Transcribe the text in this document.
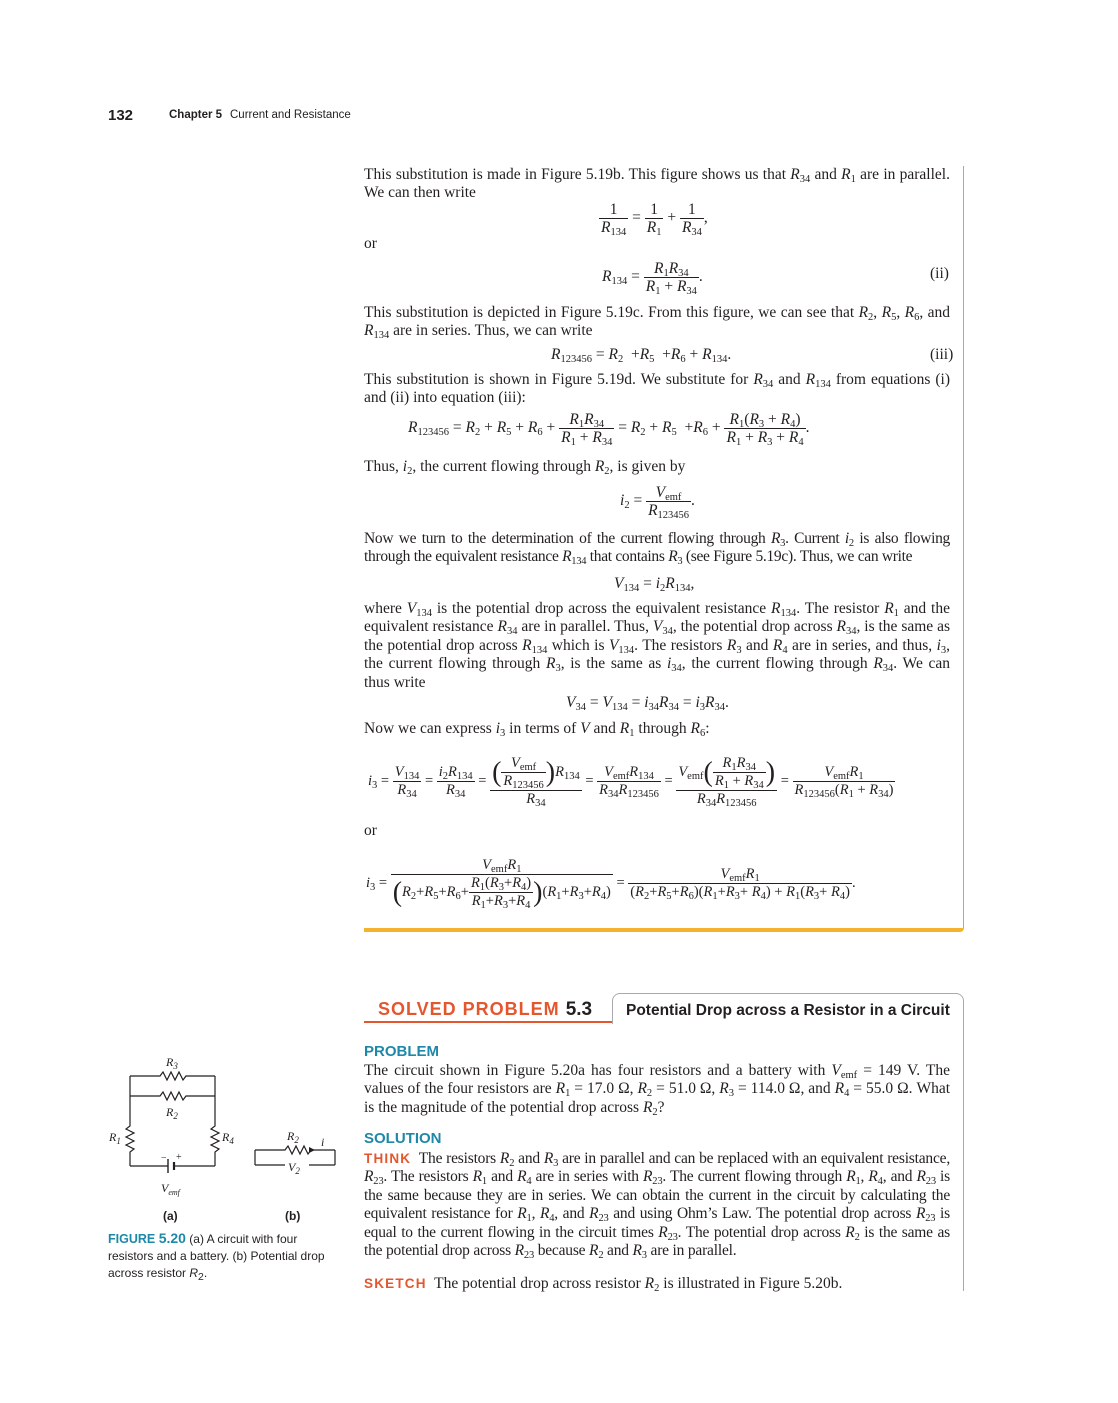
132	Chapter 5 Current and Resistance
This substitution is made in Figure 5.19b. This figure shows us that $R_{34}$ and $R_1$ are in parallel. We can then write
$\frac{1}{R_{134}} = \frac{1}{R_1} + \frac{1}{R_{34}}$ ,
or
$R_{134} = \frac{R_1R_{34}}{R_1 + R_{34}}$ .	(ii)
This substitution is depicted in Figure 5.19c. From this figure, we can see that $R_2$, $R_5$, $R_6$, and $R_{134}$ are in series. Thus, we can write
$R_{123456} = R_2 +R_5 +R_6 + R_{134}$.	(iii)
This substitution is shown in Figure 5.19d. We substitute for $R_{34}$ and $R_{134}$ from equations (i) and (ii) into equation (iii):
$R_{123456} = R_2 + R_5 + R_6 + \frac{R_1R_{34}}{R_1 + R_{34}} = R_2 + R_5 +R_6 + \frac{R_1(R_3 + R_4)}{R_1 + R_3 + R_4}$ .
Thus, $i_2$, the current flowing through $R_2$, is given by
$i_2 = \frac{V_{emf}}{R_{123456}}$ .
Now we turn to the determination of the current flowing through $R_3$. Current $i_2$ is also flowing through the equivalent resistance $R_{134}$ that contains $R_3$ (see Figure 5.19c). Thus, we can write
$V_{134} = i_2R_{134}$,
where $V_{134}$ is the potential drop across the equivalent resistance $R_{134}$. The resistor $R_1$ and the equivalent resistance $R_{34}$ are in parallel. Thus, $V_{34}$, the potential drop across $R_{34}$, is the same as the potential drop across $R_{134}$ which is $V_{134}$. The resistors $R_3$ and $R_4$ are in series, and thus, $i_3$, the current flowing through $R_3$, is the same as $i_{34}$, the current flowing through $R_{34}$. We can thus write
$V_{34} = V_{134} = i_{34}R_{34} = i_3R_{34}$.
Now we can express $i_3$ in terms of V and $R_1$ through $R_6$:
$i_3 = \frac{V_{134}}{R_{34}} = \frac{i_2R_{134}}{R_{34}} = \frac{( \frac{V_{emf}}{R_{123456}} )R_{134}}{R_{34}} = \frac{V_{emf}R_{134}}{R_{34}R_{123456}} = \frac{V_{emf}( \frac{R_1R_{34}}{R_1 + R_{34}} )}{R_{34}R_{123456}} = \frac{V_{emf}R_1}{R_{123456}(R_1 + R_{34})}$
or
$i_3 = \frac{V_{emf}R_1}{(R_2+R_5+R_6+ \frac{R_1(R_3+R_4)}{R_1+R_3+R_4} )(R_1+R_3+R_4)} = \frac{V_{emf}R_1}{(R_2+R_5+R_6)(R_1+R_3+ R_4) + R_1(R_3+ R_4)}$ .
SOLVED PROBLEM 5.3 Potential Drop across a Resistor in a Circuit
PROBLEM
The circuit shown in Figure 5.20a has four resistors and a battery with $V_{emf} = 149$ V. The values of the four resistors are $R_1 = 17.0$ Ω, $R_2 = 51.0$ Ω, $R_3 = 114.0$ Ω, and $R_4 = 55.0$ Ω. What is the magnitude of the potential drop across $R_2$?
SOLUTION
THINK  The resistors $R_2$ and $R_3$ are in parallel and can be replaced with an equivalent resistance, $R_{23}$. The resistors $R_1$ and $R_4$ are in series with $R_{23}$. The current flowing through $R_1$, $R_4$, and $R_{23}$ is the same because they are in series. We can obtain the current in the circuit by calculating the equivalent resistance for $R_1$, $R_4$, and $R_{23}$ and using Ohm’s Law. The potential drop across $R_{23}$ is equal to the current flowing in the circuit times $R_{23}$. The potential drop across $R_2$ is the same as the potential drop across $R_{23}$ because $R_2$ and $R_3$ are in parallel.
SKETCH  The potential drop across resistor $R_2$ is illustrated in Figure 5.20b.
$R_3$
$R_2$
$R_1$	$R_4$
$V_{emf}$
+
−
$R_2$ i
$V_2$
(a)	(b)
FIGURE 5.20 (a) A circuit with four resistors and a battery. (b) Potential drop across resistor $R_2$.
